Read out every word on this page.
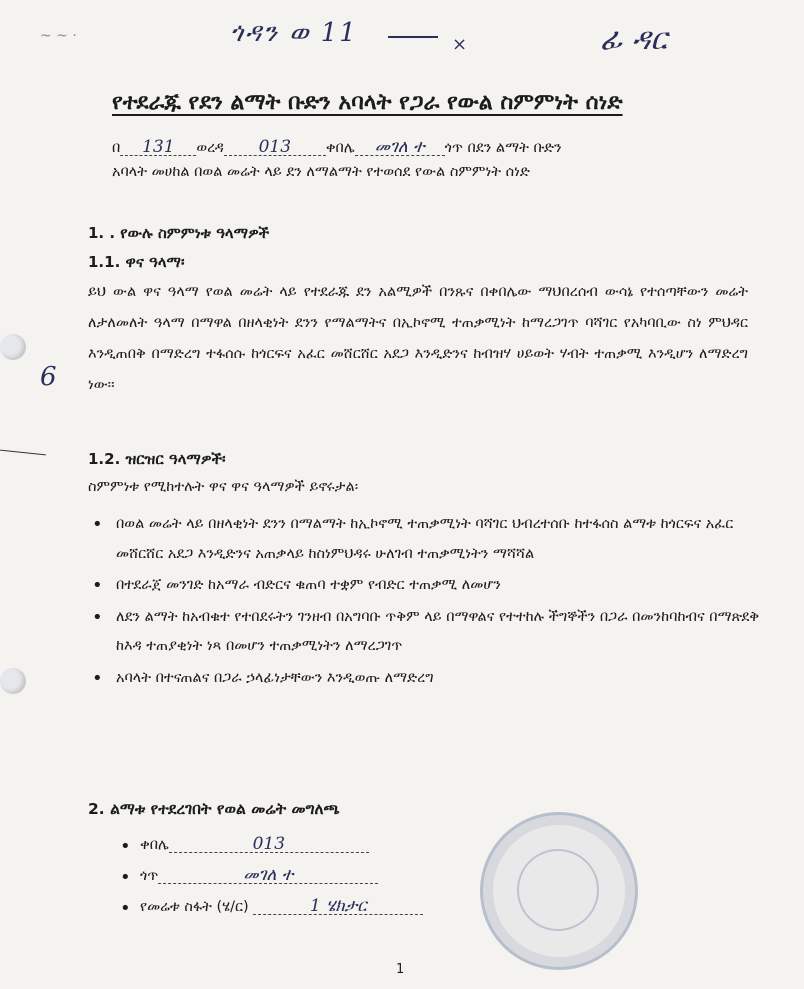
~ ~ ·	ጎዳን ወ 11	×	ፊ ዳር
የተደራጁ የደን ልማት ቡድን አባላት የጋራ የውል ስምምነት ሰነድ
በ 131 ወረዳ 013 ቀበሌ መገለ ተ ጎጥ በደን ልማት ቡድን
አባላት መሀከል በወል መሬት ላይ ደን ለማልማት የተወሰደ የውል ስምምነት ሰነድ
1. . የውሉ ስምምነቱ ዓላማዎች
1.1. ዋና ዓላማ፡
ይህ ውል ዋና ዓላማ የወል መሬት ላይ የተደራጁ ደን አልሚዎች በንጹና በቀበሌው ማህበረሰብ ውሳኔ የተሰጣቸውን መሬት ለታለመለት ዓላማ በማዋል በዘላቂነት ደንን የማልማትና በኢኮኖሚ ተጠቃሚነት ከማረጋገጥ ባሻገር የአካባቢው ስነ ምህዳር እንዲጠበቅ በማድረግ ተፋሰሱ ከጎርፍና አፈር መሸርሸር አደጋ እንዲድንና ከብዝሃ ሀይወት ሃብት ተጠቃሚ እንዲሆን ለማድረግ ነው፡፡
1.2. ዝርዝር ዓላማዎች፡
ስምምነቱ የሚከተሉት ዋና ዋና ዓላማዎች ይኖሩታል፡
• በወል መሬት ላይ በዘላቂነት ደንን በማልማት ከኢኮኖሚ ተጠቃሚነት ባሻገር ህብረተሰቡ ከተፋሰስ ልማቱ ከጎርፍና አፈር መሸርሸር አደጋ እንዲድንና አጠቃላይ ከስነምህዳሩ ሁለገብ ተጠቃሚነትን ማሻሻል
• በተደራጀ መንገድ ከአማራ ብድርና ቁጠባ ተቋም የብድር ተጠቃሚ ለመሆን
• ለደን ልማት ከአብቁተ የተበደሩትን ገንዘብ በአግባቡ ጥቅም ላይ በማዋልና የተተከሉ ችግኞችን በጋራ በመንከባከብና በማጽደቅ ከእዳ ተጠያቂነት ነጻ በመሆን ተጠቃሚነትን ለማረጋገጥ
• አባላት በተናጠልና በጋራ ኃላፊነታቸውን እንዲወጡ ለማድረግ
2. ልማቱ የተደረገበት የወል መሬት መግለጫ
• ቀበሌ	013
• ጎጥ	መገለ ተ
• የመሬቱ ስፋት (ሄ/ር)	1 ሄክታር
6
1
